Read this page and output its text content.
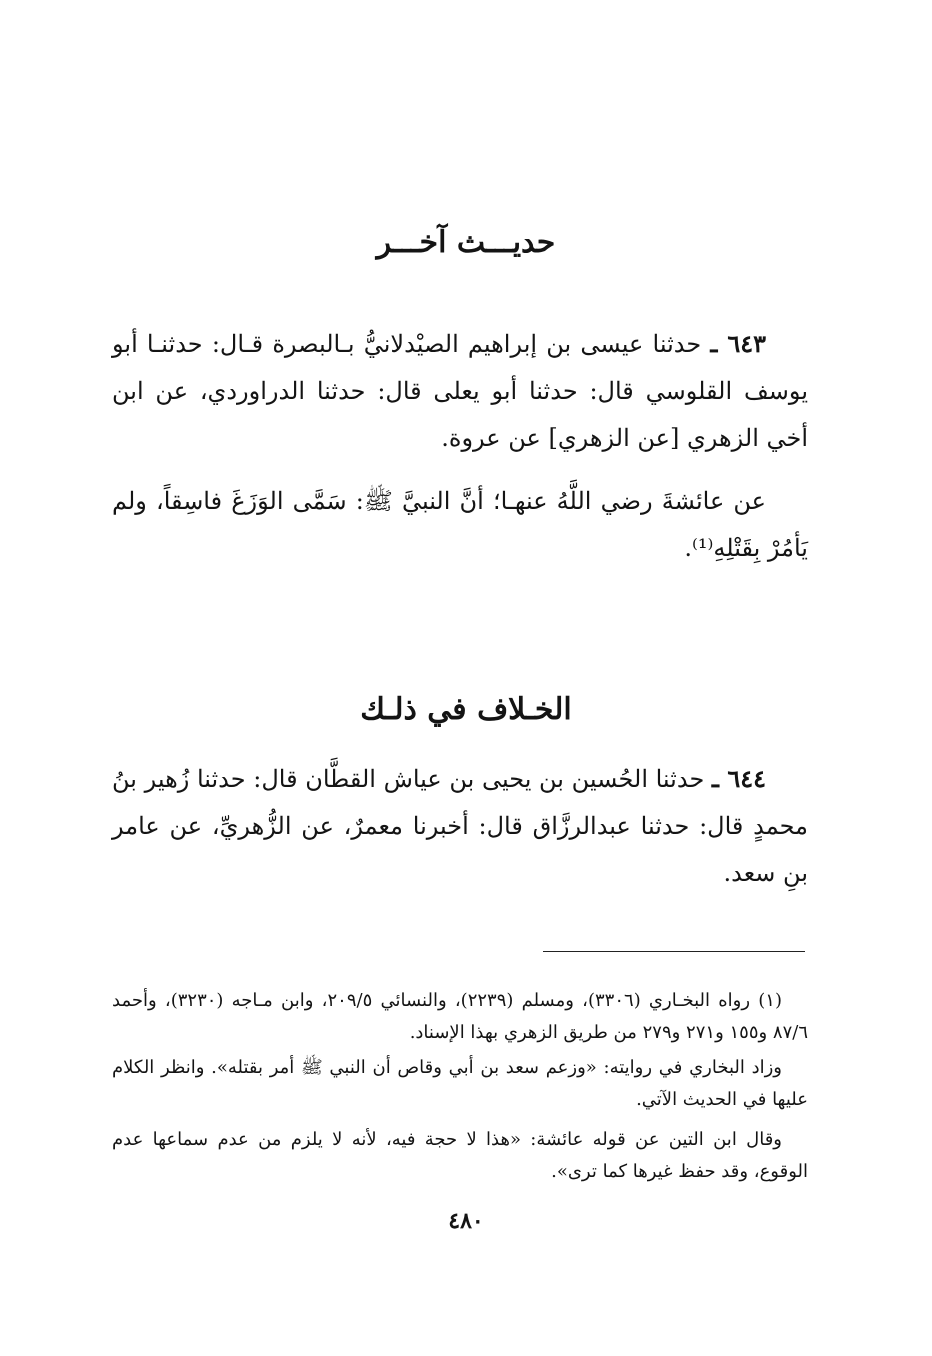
حديـــث آخـــر
٦٤٣ ـ حدثنا عيسى بن إبراهيم الصيْدلانيُّ بـالبصرة قـال: حدثنـا أبو يوسف القلوسي قال: حدثنا أبو يعلى قال: حدثنا الدراوردي، عن ابن أخي الزهري [عن الزهري] عن عروة.
عن عائشةَ رضي اللَّهُ عنهـا؛ أنَّ النبيَّ ﷺ: سَمَّى الوَزَغَ فاسِقاً، ولم يَأمُرْ بِقَتْلِهِ⁽¹⁾.
الخـلاف في ذلـك
٦٤٤ ـ حدثنا الحُسين بن يحيى بن عياش القطَّان قال: حدثنا زُهير بنُ محمدٍ قال: حدثنا عبدالرزَّاق قال: أخبرنا معمرٌ، عن الزُّهريِّ، عن عامر بنِ سعد.
(١) رواه البخـاري (٣٣٠٦)، ومسلم (٢٢٣٩)، والنسائي ٢٠٩/٥، وابن مـاجه (٣٢٣٠)، وأحمد ٨٧/٦ و١٥٥ و٢٧١ و٢٧٩ من طريق الزهري بهذا الإسناد.
وزاد البخاري في روايته: «وزعم سعد بن أبي وقاص أن النبي ﷺ أمر بقتله». وانظر الكلام عليها في الحديث الآتي.
وقال ابن التين عن قوله عائشة: «هذا لا حجة فيه، لأنه لا يلزم من عدم سماعها عدم الوقوع، وقد حفظ غيرها كما ترى».
٤٨٠
